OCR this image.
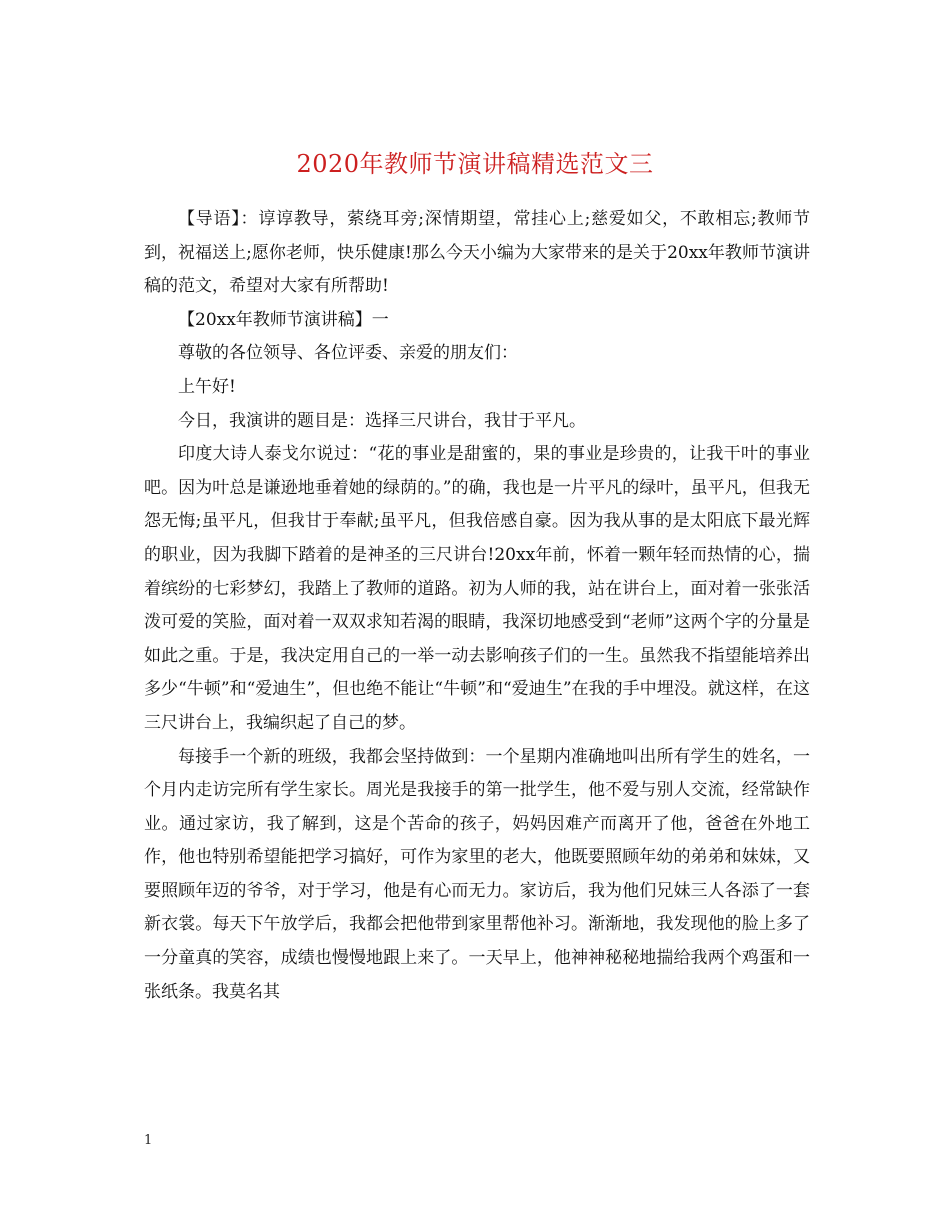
2020年教师节演讲稿精选范文三

【导语】：谆谆教导，萦绕耳旁;深情期望，常挂心上;慈爱如父，不敢相忘;教师节到，祝福送上;愿你老师，快乐健康!那么今天小编为大家带来的是关于20xx年教师节演讲稿的范文，希望对大家有所帮助!

【20xx年教师节演讲稿】一

尊敬的各位领导、各位评委、亲爱的朋友们：

上午好!

今日，我演讲的题目是：选择三尺讲台，我甘于平凡。

印度大诗人泰戈尔说过：“花的事业是甜蜜的，果的事业是珍贵的，让我干叶的事业吧。因为叶总是谦逊地垂着她的绿荫的。”的确，我也是一片平凡的绿叶，虽平凡，但我无怨无悔;虽平凡，但我甘于奉献;虽平凡，但我倍感自豪。因为我从事的是太阳底下最光辉的职业，因为我脚下踏着的是神圣的三尺讲台!20xx年前，怀着一颗年轻而热情的心，揣着缤纷的七彩梦幻，我踏上了教师的道路。初为人师的我，站在讲台上，面对着一张张活泼可爱的笑脸，面对着一双双求知若渴的眼睛，我深切地感受到“老师”这两个字的分量是如此之重。于是，我决定用自己的一举一动去影响孩子们的一生。虽然我不指望能培养出多少“牛顿”和“爱迪生”，但也绝不能让“牛顿”和“爱迪生”在我的手中埋没。就这样，在这三尺讲台上，我编织起了自己的梦。

每接手一个新的班级，我都会坚持做到：一个星期内准确地叫出所有学生的姓名，一个月内走访完所有学生家长。周光是我接手的第一批学生，他不爱与别人交流，经常缺作业。通过家访，我了解到，这是个苦命的孩子，妈妈因难产而离开了他，爸爸在外地工作，他也特别希望能把学习搞好，可作为家里的老大，他既要照顾年幼的弟弟和妹妹，又要照顾年迈的爷爷，对于学习，他是有心而无力。家访后，我为他们兄妹三人各添了一套新衣裳。每天下午放学后，我都会把他带到家里帮他补习。渐渐地，我发现他的脸上多了一分童真的笑容，成绩也慢慢地跟上来了。一天早上，他神神秘秘地揣给我两个鸡蛋和一张纸条。我莫名其

1
